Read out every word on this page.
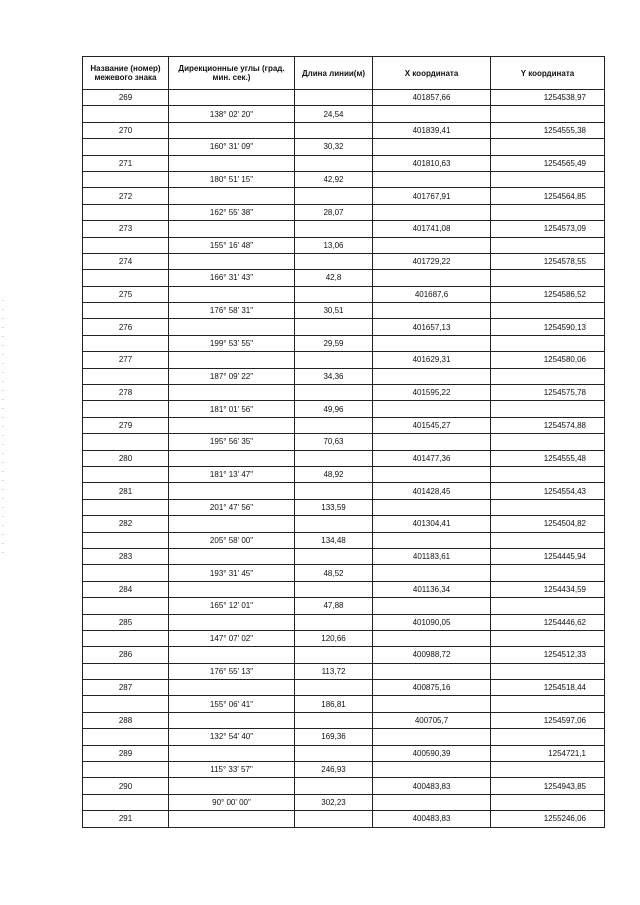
Название (номер) межевого знака	Дирекционные углы (град. мин. сек.)	Длина линии(м)	X координата	Y координата
269			401857,66	1254538,97
	138° 02' 20"	24,54		
270			401839,41	1254555,38
	160° 31' 09"	30,32		
271			401810,63	1254565,49
	180° 51' 15"	42,92		
272			401767,91	1254564,85
	162° 55' 38"	28,07		
273			401741,08	1254573,09
	155° 16' 48"	13,06		
274			401729,22	1254578,55
	166° 31' 43"	42,8		
275			401687,6	1254586,52
	176° 58' 31"	30,51		
276			401657,13	1254590,13
	199° 53' 55"	29,59		
277			401629,31	1254580,06
	187° 09' 22"	34,36		
278			401595,22	1254575,78
	181° 01' 56"	49,96		
279			401545,27	1254574,88
	195° 56' 35"	70,63		
280			401477,36	1254555,48
	181° 13' 47"	48,92		
281			401428,45	1254554,43
	201° 47' 56"	133,59		
282			401304,41	1254504,82
	205° 58' 00"	134,48		
283			401183,61	1254445,94
	193° 31' 45"	48,52		
284			401136,34	1254434,59
	165° 12' 01"	47,88		
285			401090,05	1254446,62
	147° 07' 02"	120,66		
286			400988,72	1254512,33
	176° 55' 13"	113,72		
287			400875,16	1254518,44
	155° 06' 41"	186,81		
288			400705,7	1254597,06
	132° 54' 40"	169,36		
289			400590,39	1254721,1
	115° 33' 57"	246,93		
290			400483,83	1254943,85
	90° 00' 00"	302,23		
291			400483,83	1255246,06
